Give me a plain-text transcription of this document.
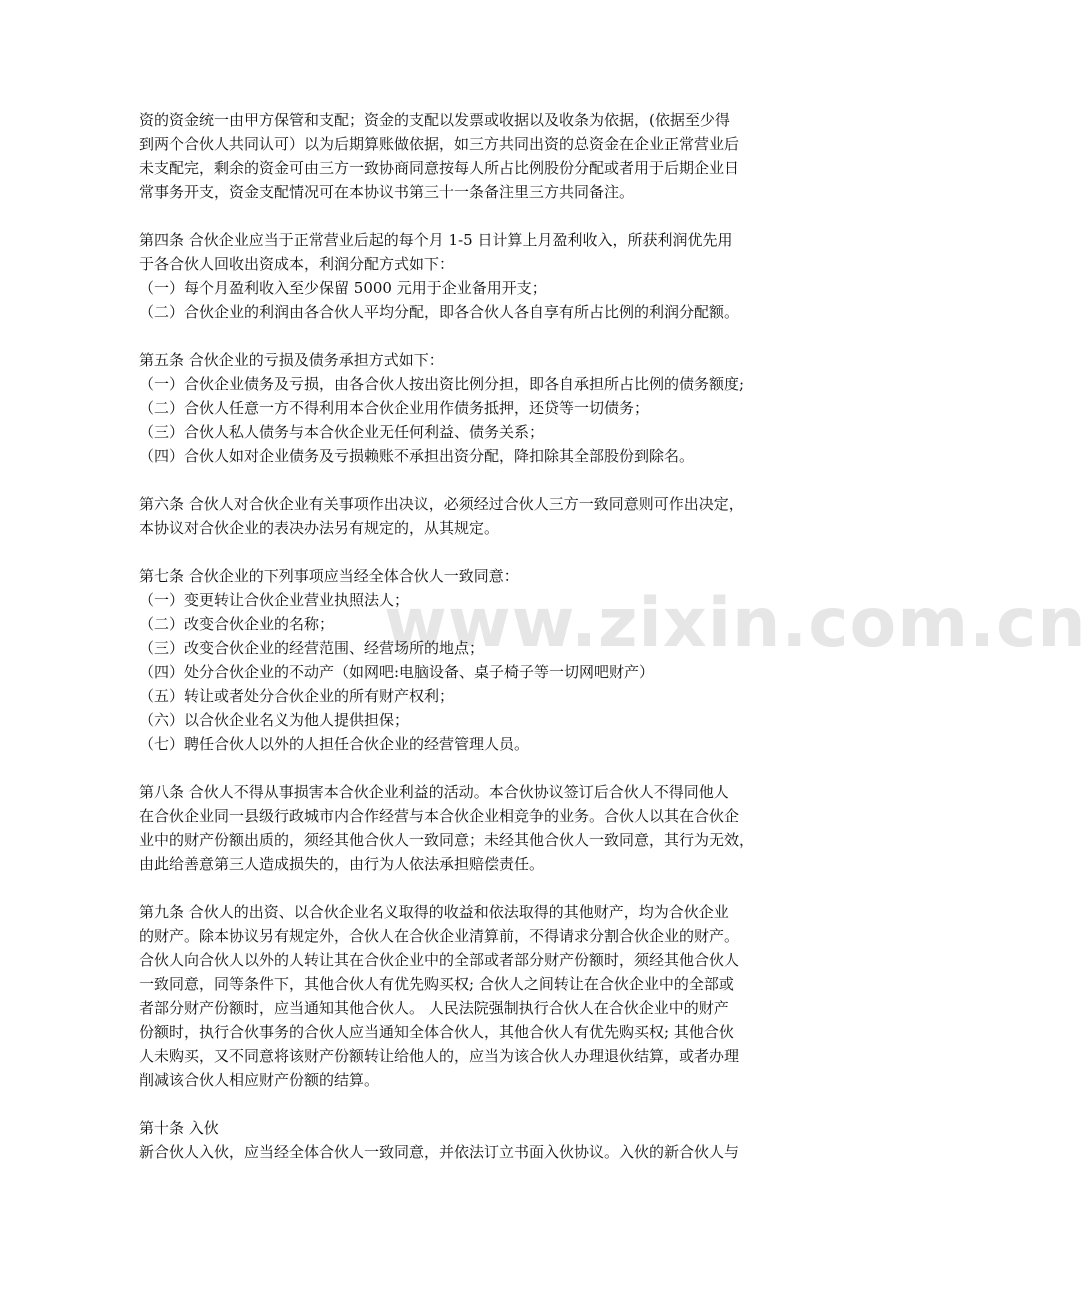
www.zixin.com.cn
资的资金统一由甲方保管和支配；资金的支配以发票或收据以及收条为依据，(依据至少得
到两个合伙人共同认可）以为后期算账做依据，如三方共同出资的总资金在企业正常营业后
未支配完，剩余的资金可由三方一致协商同意按每人所占比例股份分配或者用于后期企业日
常事务开支，资金支配情况可在本协议书第三十一条备注里三方共同备注。
第四条 合伙企业应当于正常营业后起的每个月 1-5 日计算上月盈利收入，所获利润优先用
于各合伙人回收出资成本，利润分配方式如下：
（一）每个月盈利收入至少保留 5000 元用于企业备用开支；
（二）合伙企业的利润由各合伙人平均分配，即各合伙人各自享有所占比例的利润分配额。
第五条 合伙企业的亏损及债务承担方式如下：
（一）合伙企业债务及亏损，由各合伙人按出资比例分担，即各自承担所占比例的债务额度;
（二）合伙人任意一方不得利用本合伙企业用作债务抵押，还贷等一切债务；
（三）合伙人私人债务与本合伙企业无任何利益、债务关系；
（四）合伙人如对企业债务及亏损赖账不承担出资分配，降扣除其全部股份到除名。
第六条 合伙人对合伙企业有关事项作出决议，必须经过合伙人三方一致同意则可作出决定，
本协议对合伙企业的表决办法另有规定的，从其规定。
第七条 合伙企业的下列事项应当经全体合伙人一致同意：
（一）变更转让合伙企业营业执照法人；
（二）改变合伙企业的名称；
（三）改变合伙企业的经营范围、经营场所的地点；
（四）处分合伙企业的不动产（如网吧:电脑设备、桌子椅子等一切网吧财产）
（五）转让或者处分合伙企业的所有财产权利；
（六）以合伙企业名义为他人提供担保；
（七）聘任合伙人以外的人担任合伙企业的经营管理人员。
第八条 合伙人不得从事损害本合伙企业利益的活动。本合伙协议签订后合伙人不得同他人
在合伙企业同一县级行政城市内合作经营与本合伙企业相竞争的业务。合伙人以其在合伙企
业中的财产份额出质的，须经其他合伙人一致同意；未经其他合伙人一致同意，其行为无效，
由此给善意第三人造成损失的，由行为人依法承担赔偿责任。
第九条 合伙人的出资、以合伙企业名义取得的收益和依法取得的其他财产，均为合伙企业
的财产。除本协议另有规定外，合伙人在合伙企业清算前，不得请求分割合伙企业的财产。
合伙人向合伙人以外的人转让其在合伙企业中的全部或者部分财产份额时，须经其他合伙人
一致同意，同等条件下，其他合伙人有优先购买权; 合伙人之间转让在合伙企业中的全部或
者部分财产份额时，应当通知其他合伙人。 人民法院强制执行合伙人在合伙企业中的财产
份额时，执行合伙事务的合伙人应当通知全体合伙人，其他合伙人有优先购买权; 其他合伙
人未购买，又不同意将该财产份额转让给他人的，应当为该合伙人办理退伙结算，或者办理
削减该合伙人相应财产份额的结算。
第十条 入伙
新合伙人入伙，应当经全体合伙人一致同意，并依法订立书面入伙协议。入伙的新合伙人与
